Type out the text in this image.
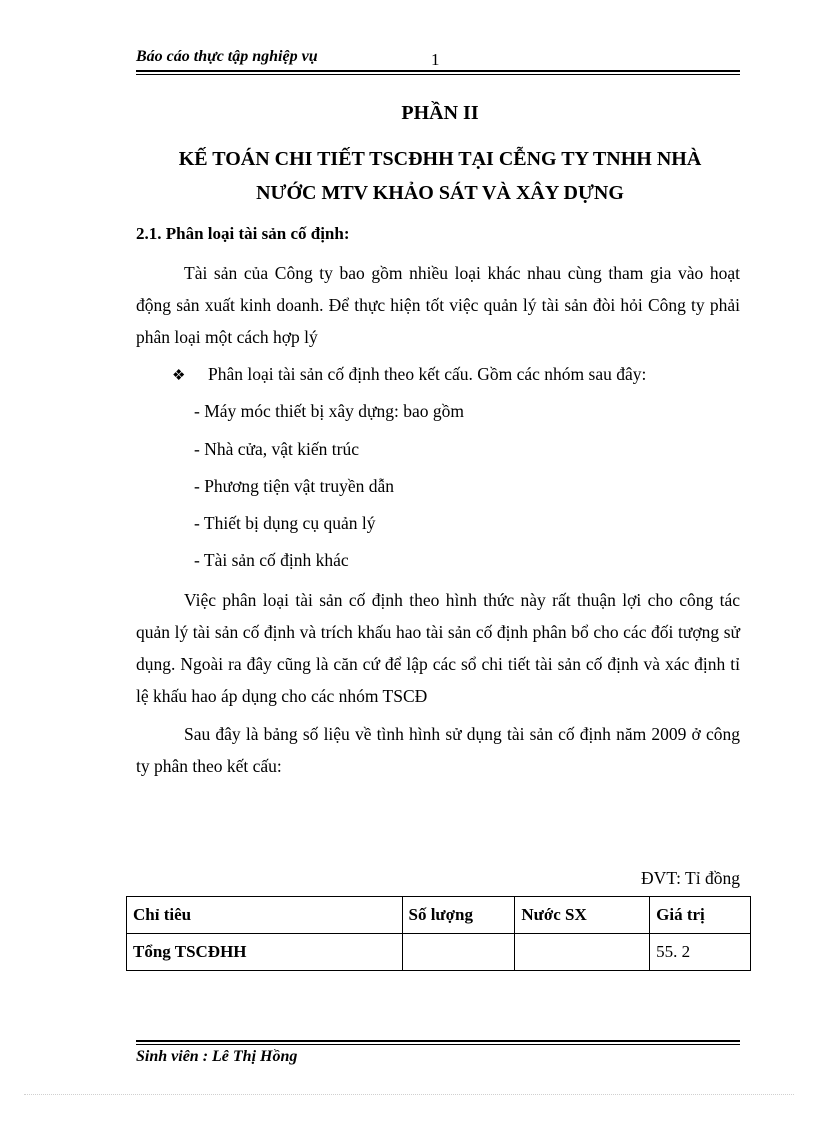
Báo cáo thực tập nghiệp vụ	1
PHẦN II
KẾ TOÁN CHI TIẾT TSCĐHH TẠI CỄNG TY TNHH NHÀ
NƯỚC MTV KHẢO SÁT VÀ XÂY DỰNG
2.1. Phân loại tài sản cố định:
Tài sản của Công ty bao gồm nhiều loại khác nhau cùng tham gia vào hoạt động sản xuất kinh doanh. Để thực hiện tốt việc quản lý tài sản đòi hỏi Công ty phải phân loại một cách hợp lý
❖ Phân loại tài sản cố định theo kết cấu. Gồm các nhóm sau đây:
- Máy móc thiết bị xây dựng: bao gồm
- Nhà cửa, vật kiến trúc
- Phương tiện vật truyền dẫn
- Thiết bị dụng cụ quản lý
- Tài sản cố định khác
Việc phân loại tài sản cố định theo hình thức này rất thuận lợi cho công tác quản lý tài sản cố định và trích khấu hao tài sản cố định phân bổ cho các đối tượng sử dụng. Ngoài ra đây cũng là căn cứ để lập các sổ chi tiết tài sản cố định và xác định tỉ lệ khấu hao áp dụng cho các nhóm TSCĐ
Sau đây là bảng số liệu về tình hình sử dụng tài sản cố định năm 2009 ở công ty phân theo kết cấu:
ĐVT: Tỉ đồng
Chỉ tiêu	Số lượng	Nước SX	Giá trị
Tổng TSCĐHH			55. 2
Sinh viên : Lê Thị Hồng
